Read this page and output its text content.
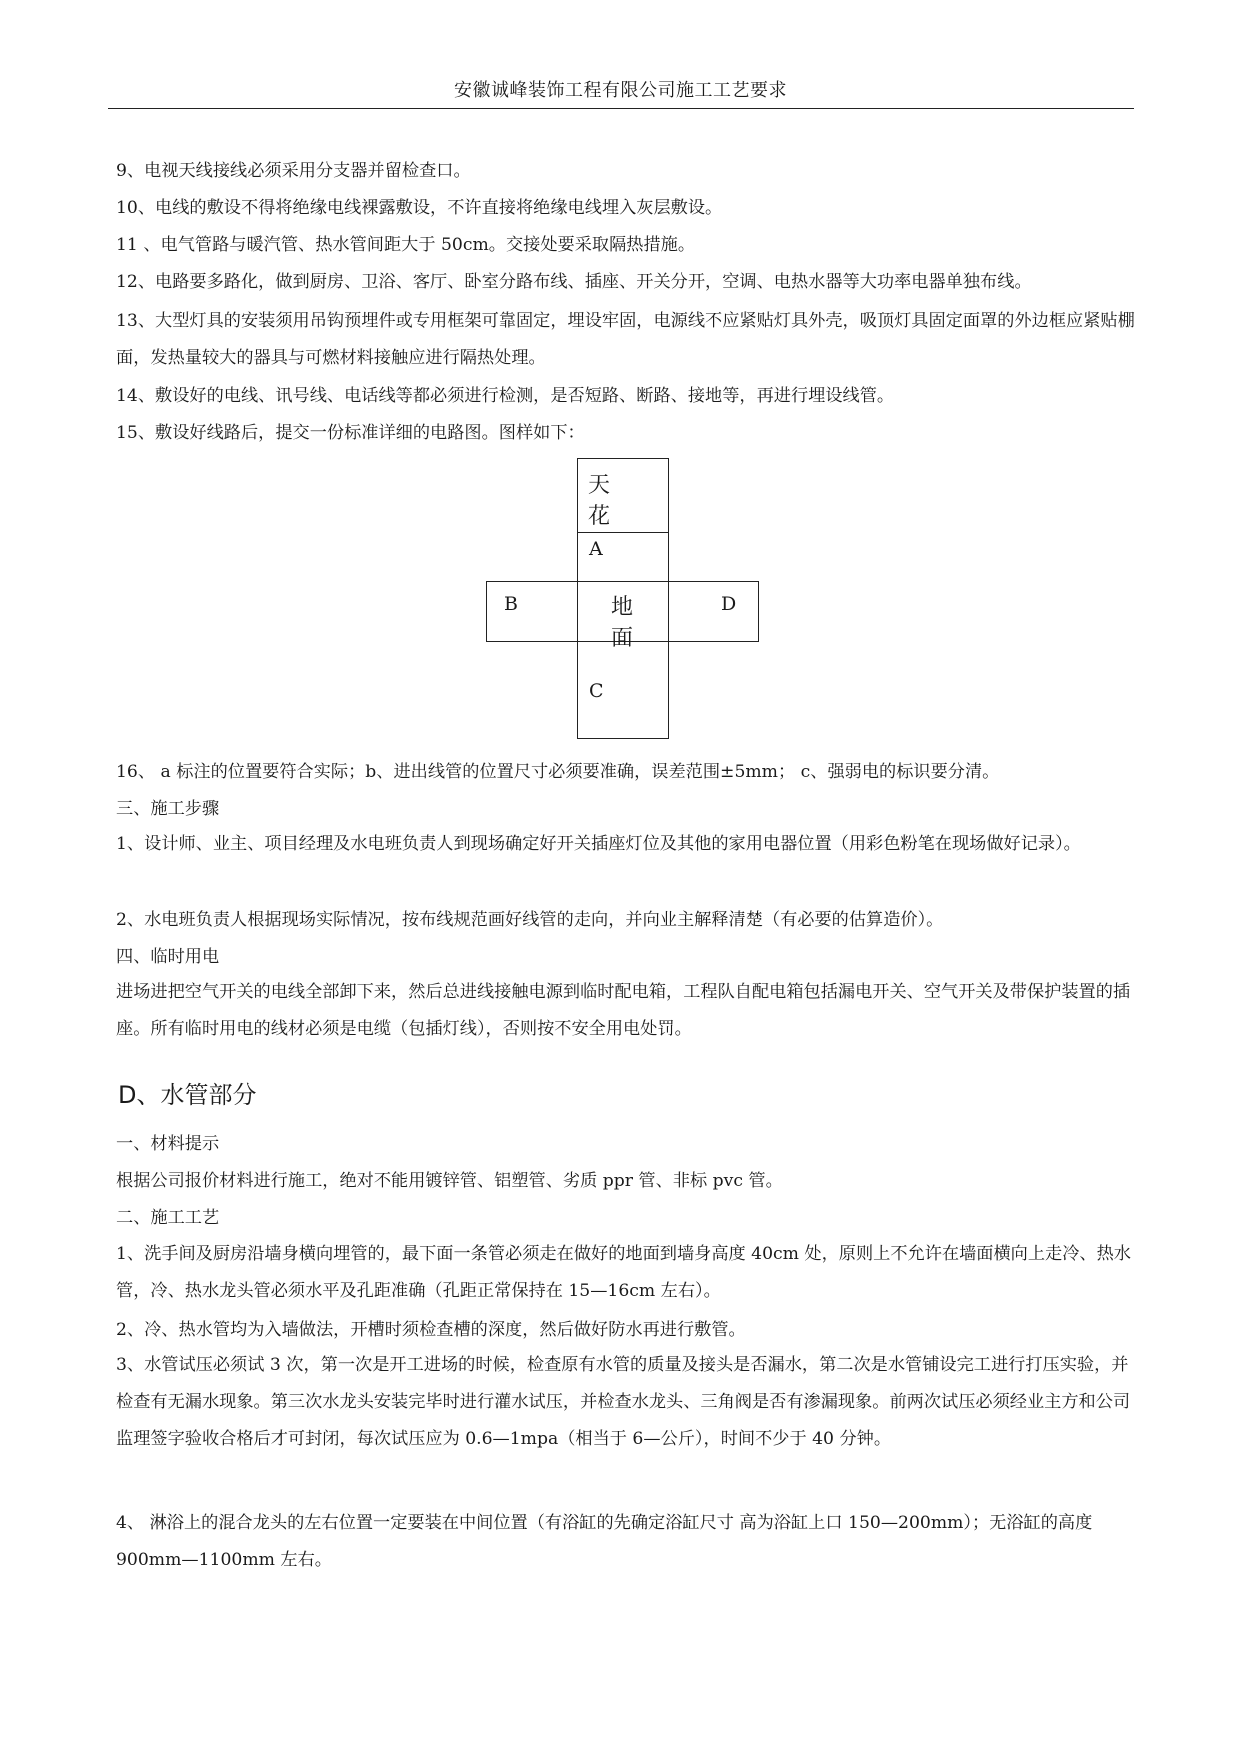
安徽诚峰装饰工程有限公司施工工艺要求
9、电视天线接线必须采用分支器并留检查口。
10、电线的敷设不得将绝缘电线裸露敷设，不许直接将绝缘电线埋入灰层敷设。
11 、电气管路与暖汽管、热水管间距大于 50cm。交接处要采取隔热措施。
12、电路要多路化，做到厨房、卫浴、客厅、卧室分路布线、插座、开关分开，空调、电热水器等大功率电器单独布线。
13、大型灯具的安装须用吊钩预埋件或专用框架可靠固定，埋设牢固，电源线不应紧贴灯具外壳，吸顶灯具固定面罩的外边框应紧贴棚面，发热量较大的器具与可燃材料接触应进行隔热处理。
14、敷设好的电线、讯号线、电话线等都必须进行检测，是否短路、断路、接地等，再进行埋设线管。
15、敷设好线路后，提交一份标准详细的电路图。图样如下：
天花
A
B	地面
D
C
16、 a 标注的位置要符合实际；b、进出线管的位置尺寸必须要准确，误差范围±5mm； c、强弱电的标识要分清。
三、施工步骤
1、设计师、业主、项目经理及水电班负责人到现场确定好开关插座灯位及其他的家用电器位置（用彩色粉笔在现场做好记录）。
2、水电班负责人根据现场实际情况，按布线规范画好线管的走向，并向业主解释清楚（有必要的估算造价）。
四、临时用电
进场进把空气开关的电线全部卸下来，然后总进线接触电源到临时配电箱，工程队自配电箱包括漏电开关、空气开关及带保护装置的插座。所有临时用电的线材必须是电缆（包插灯线），否则按不安全用电处罚。
D、水管部分
一、材料提示
根据公司报价材料进行施工，绝对不能用镀锌管、铝塑管、劣质 ppr 管、非标 pvc 管。
二、施工工艺
1、洗手间及厨房沿墙身横向埋管的，最下面一条管必须走在做好的地面到墙身高度 40cm 处，原则上不允许在墙面横向上走冷、热水管，冷、热水龙头管必须水平及孔距准确（孔距正常保持在 15—16cm 左右）。
2、冷、热水管均为入墙做法，开槽时须检查槽的深度，然后做好防水再进行敷管。
3、水管试压必须试 3 次，第一次是开工进场的时候，检查原有水管的质量及接头是否漏水，第二次是水管铺设完工进行打压实验，并检查有无漏水现象。第三次水龙头安装完毕时进行灌水试压，并检查水龙头、三角阀是否有渗漏现象。前两次试压必须经业主方和公司监理签字验收合格后才可封闭，每次试压应为 0.6—1mpa（相当于 6—公斤），时间不少于 40 分钟。
4、 淋浴上的混合龙头的左右位置一定要装在中间位置（有浴缸的先确定浴缸尺寸 高为浴缸上口 150—200mm）；无浴缸的高度 900mm—1100mm 左右。
